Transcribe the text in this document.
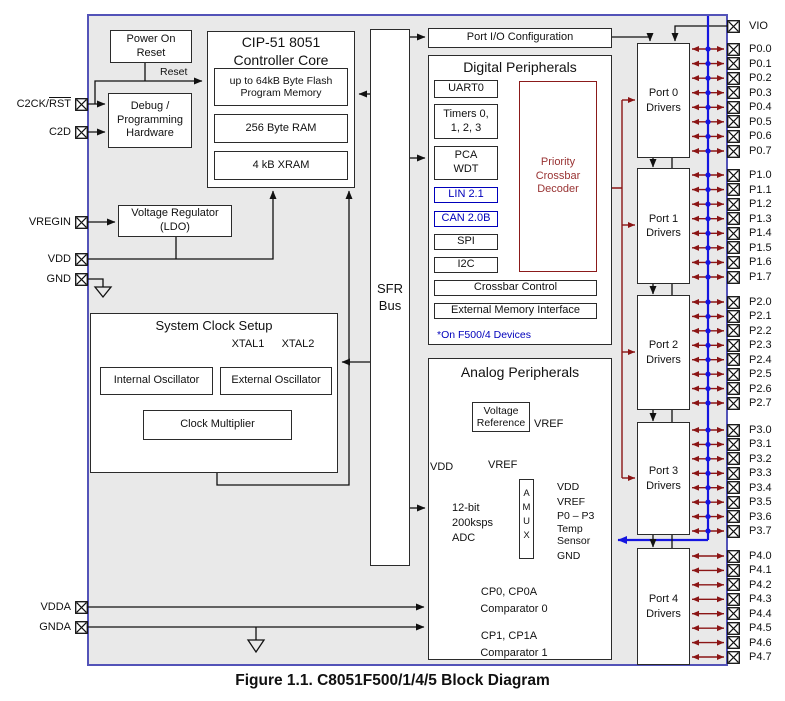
Power On
Reset
Reset
Debug /
Programming
Hardware
CIP-51 8051
Controller Core
up to 64kB Byte Flash
Program Memory
256 Byte RAM
4 kB XRAM
Voltage Regulator
(LDO)
System Clock Setup
XTAL1 XTAL2
Internal Oscillator	External Oscillator
Clock Multiplier
SFR
Bus
Port I/O Configuration
Digital Peripherals
UART0
Timers 0,
1, 2, 3
PCA
WDT
LIN 2.1
CAN 2.0B
SPI
I2C
Crossbar Control
External Memory Interface
*On F500/4 Devices
Priority
Crossbar
Decoder
Analog Peripherals
Voltage
Reference VREF
VDD	VREF
12-bit
200ksps
ADC
A
M
U
X
VDD
VREF
P0 – P3
Temp
Sensor
GND
CP0, CP0A
Comparator 0
CP1, CP1A
Comparator 1
$C2CK/\overline{RST}$
C2D
VREGIN
VDD
GND
VDDA
GNDA
VIO
P0.0
P0.1
P0.2
P0.3
P0.4
P0.5
P0.6
P0.7
P1.0
P1.1
P1.2
P1.3
P1.4
P1.5
P1.6
P1.7
P2.0
P2.1
P2.2
P2.3
P2.4
P2.5
P2.6
P2.7
P3.0
P3.1
P3.2
P3.3
P3.4
P3.5
P3.6
P3.7
P4.0
P4.1
P4.2
P4.3
P4.4
P4.5
P4.6
P4.7
Port 0
Drivers
Port 1
Drivers
Port 2
Drivers
Port 3
Drivers
Port 4
Drivers
Figure 1.1. C8051F500/1/4/5 Block Diagram
